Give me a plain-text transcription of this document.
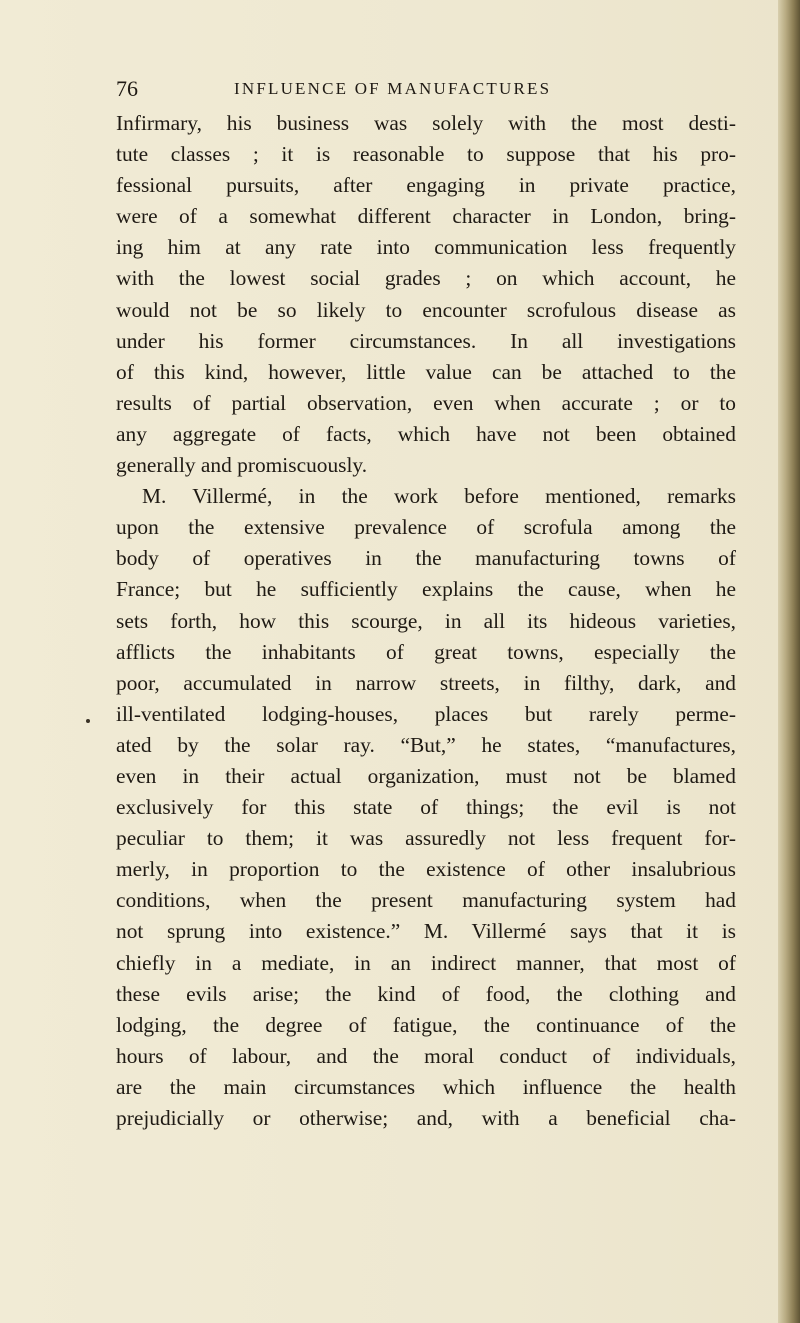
76	INFLUENCE OF MANUFACTURES
Infirmary, his business was solely with the most desti-
tute classes ; it is reasonable to suppose that his pro-
fessional pursuits, after engaging in private practice,
were of a somewhat different character in London, bring-
ing him at any rate into communication less frequently
with the lowest social grades ; on which account, he
would not be so likely to encounter scrofulous disease as
under his former circumstances. In all investigations
of this kind, however, little value can be attached to the
results of partial observation, even when accurate ; or to
any aggregate of facts, which have not been obtained
generally and promiscuously.
M. Villermé, in the work before mentioned, remarks
upon the extensive prevalence of scrofula among the
body of operatives in the manufacturing towns of
France; but he sufficiently explains the cause, when he
sets forth, how this scourge, in all its hideous varieties,
afflicts the inhabitants of great towns, especially the
poor, accumulated in narrow streets, in filthy, dark, and
ill-ventilated lodging-houses, places but rarely perme-
ated by the solar ray. “But,” he states, “manufactures,
even in their actual organization, must not be blamed
exclusively for this state of things; the evil is not
peculiar to them; it was assuredly not less frequent for-
merly, in proportion to the existence of other insalubrious
conditions, when the present manufacturing system had
not sprung into existence.” M. Villermé says that it is
chiefly in a mediate, in an indirect manner, that most of
these evils arise; the kind of food, the clothing and
lodging, the degree of fatigue, the continuance of the
hours of labour, and the moral conduct of individuals,
are the main circumstances which influence the health
prejudicially or otherwise; and, with a beneficial cha-
